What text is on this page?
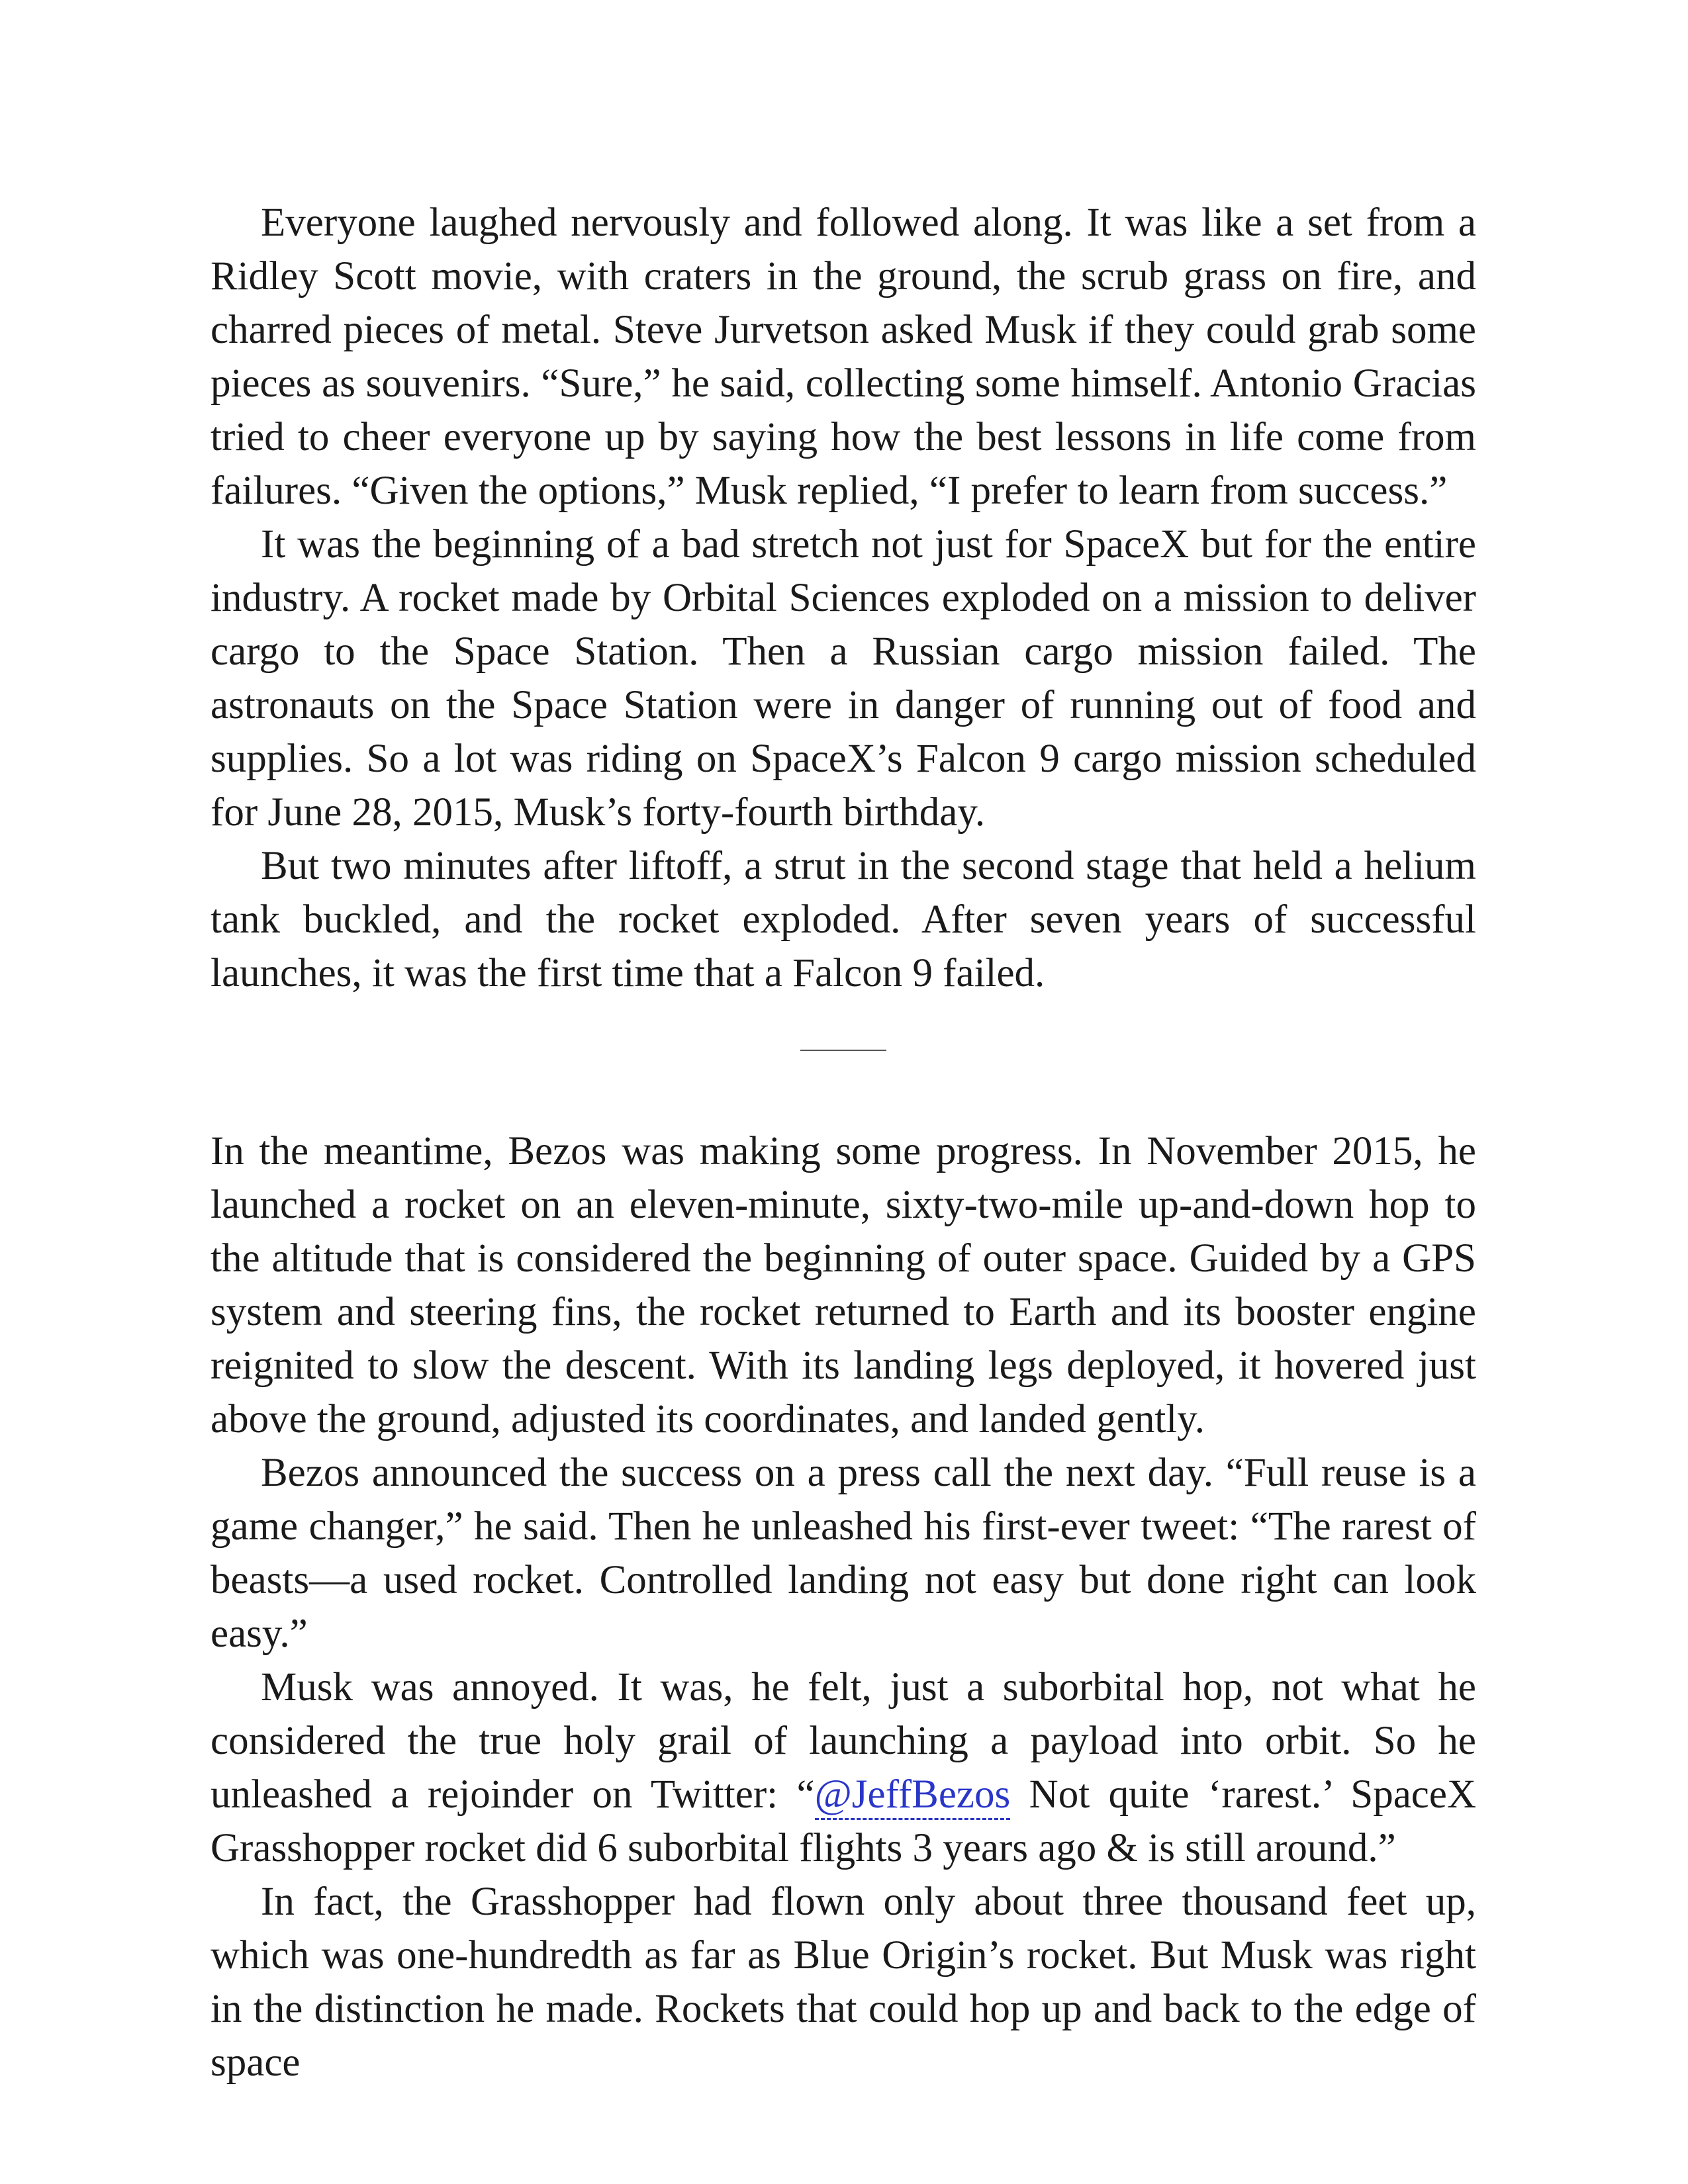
Everyone laughed nervously and followed along. It was like a set from a Ridley Scott movie, with craters in the ground, the scrub grass on fire, and charred pieces of metal. Steve Jurvetson asked Musk if they could grab some pieces as souvenirs. “Sure,” he said, collecting some himself. Antonio Gracias tried to cheer everyone up by saying how the best lessons in life come from failures. “Given the options,” Musk replied, “I prefer to learn from success.”

It was the beginning of a bad stretch not just for SpaceX but for the entire industry. A rocket made by Orbital Sciences exploded on a mission to deliver cargo to the Space Station. Then a Russian cargo mission failed. The astronauts on the Space Station were in danger of running out of food and supplies. So a lot was riding on SpaceX’s Falcon 9 cargo mission scheduled for June 28, 2015, Musk’s forty-fourth birthday.

But two minutes after liftoff, a strut in the second stage that held a helium tank buckled, and the rocket exploded. After seven years of successful launches, it was the first time that a Falcon 9 failed.

In the meantime, Bezos was making some progress. In November 2015, he launched a rocket on an eleven-minute, sixty-two-mile up-and-down hop to the altitude that is considered the beginning of outer space. Guided by a GPS system and steering fins, the rocket returned to Earth and its booster engine reignited to slow the descent. With its landing legs deployed, it hovered just above the ground, adjusted its coordinates, and landed gently.

Bezos announced the success on a press call the next day. “Full reuse is a game changer,” he said. Then he unleashed his first-ever tweet: “The rarest of beasts—a used rocket. Controlled landing not easy but done right can look easy.”

Musk was annoyed. It was, he felt, just a suborbital hop, not what he considered the true holy grail of launching a payload into orbit. So he unleashed a rejoinder on Twitter: “@JeffBezos Not quite ‘rarest.’ SpaceX Grasshopper rocket did 6 suborbital flights 3 years ago & is still around.”

In fact, the Grasshopper had flown only about three thousand feet up, which was one-hundredth as far as Blue Origin’s rocket. But Musk was right in the distinction he made. Rockets that could hop up and back to the edge of space
